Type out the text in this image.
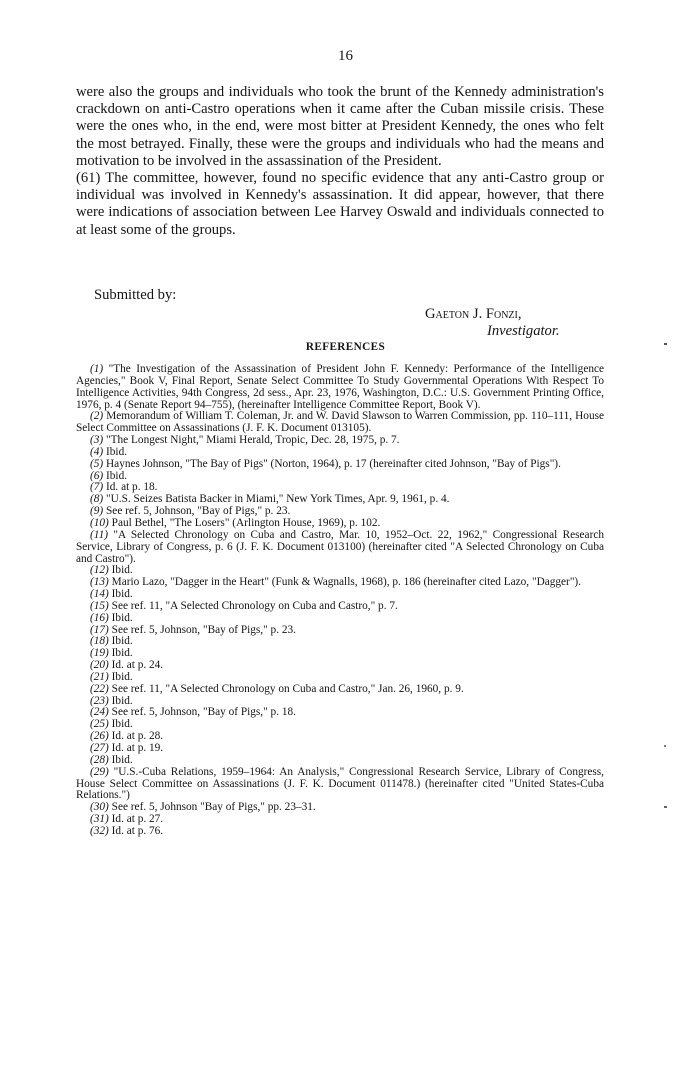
16

were also the groups and individuals who took the brunt of the Kennedy administration's crackdown on anti-Castro operations when it came after the Cuban missile crisis. These were the ones who, in the end, were most bitter at President Kennedy, the ones who felt the most betrayed. Finally, these were the groups and individuals who had the means and motivation to be involved in the assassination of the President.

(61) The committee, however, found no specific evidence that any anti-Castro group or individual was involved in Kennedy's assassination. It did appear, however, that there were indications of association between Lee Harvey Oswald and individuals connected to at least some of the groups.

Submitted by:
Gaeton J. Fonzi,
Investigator.
REFERENCES

(1) "The Investigation of the Assassination of President John F. Kennedy: Performance of the Intelligence Agencies," Book V, Final Report, Senate Select Committee To Study Governmental Operations With Respect To Intelligence Activities, 94th Congress, 2d sess., Apr. 23, 1976, Washington, D.C.: U.S. Government Printing Office, 1976, p. 4 (Senate Report 94–755), (hereinafter Intelligence Committee Report, Book V).

(2) Memorandum of William T. Coleman, Jr. and W. David Slawson to Warren Commission, pp. 110–111, House Select Committee on Assassinations (J. F. K. Document 013105).

(3) "The Longest Night," Miami Herald, Tropic, Dec. 28, 1975, p. 7.

(4) Ibid.

(5) Haynes Johnson, "The Bay of Pigs" (Norton, 1964), p. 17 (hereinafter cited Johnson, "Bay of Pigs").

(6) Ibid.

(7) Id. at p. 18.

(8) "U.S. Seizes Batista Backer in Miami," New York Times, Apr. 9, 1961, p. 4.

(9) See ref. 5, Johnson, "Bay of Pigs," p. 23.

(10) Paul Bethel, "The Losers" (Arlington House, 1969), p. 102.

(11) "A Selected Chronology on Cuba and Castro, Mar. 10, 1952–Oct. 22, 1962," Congressional Research Service, Library of Congress, p. 6 (J. F. K. Document 013100) (hereinafter cited "A Selected Chronology on Cuba and Castro").

(12) Ibid.

(13) Mario Lazo, "Dagger in the Heart" (Funk & Wagnalls, 1968), p. 186 (hereinafter cited Lazo, "Dagger").

(14) Ibid.

(15) See ref. 11, "A Selected Chronology on Cuba and Castro," p. 7.

(16) Ibid.

(17) See ref. 5, Johnson, "Bay of Pigs," p. 23.

(18) Ibid.

(19) Ibid.

(20) Id. at p. 24.

(21) Ibid.

(22) See ref. 11, "A Selected Chronology on Cuba and Castro," Jan. 26, 1960, p. 9.

(23) Ibid.

(24) See ref. 5, Johnson, "Bay of Pigs," p. 18.

(25) Ibid.

(26) Id. at p. 28.

(27) Id. at p. 19.

(28) Ibid.

(29) "U.S.-Cuba Relations, 1959–1964: An Analysis," Congressional Research Service, Library of Congress, House Select Committee on Assassinations (J. F. K. Document 011478.) (hereinafter cited "United States-Cuba Relations.")

(30) See ref. 5, Johnson "Bay of Pigs," pp. 23–31.

(31) Id. at p. 27.

(32) Id. at p. 76.
